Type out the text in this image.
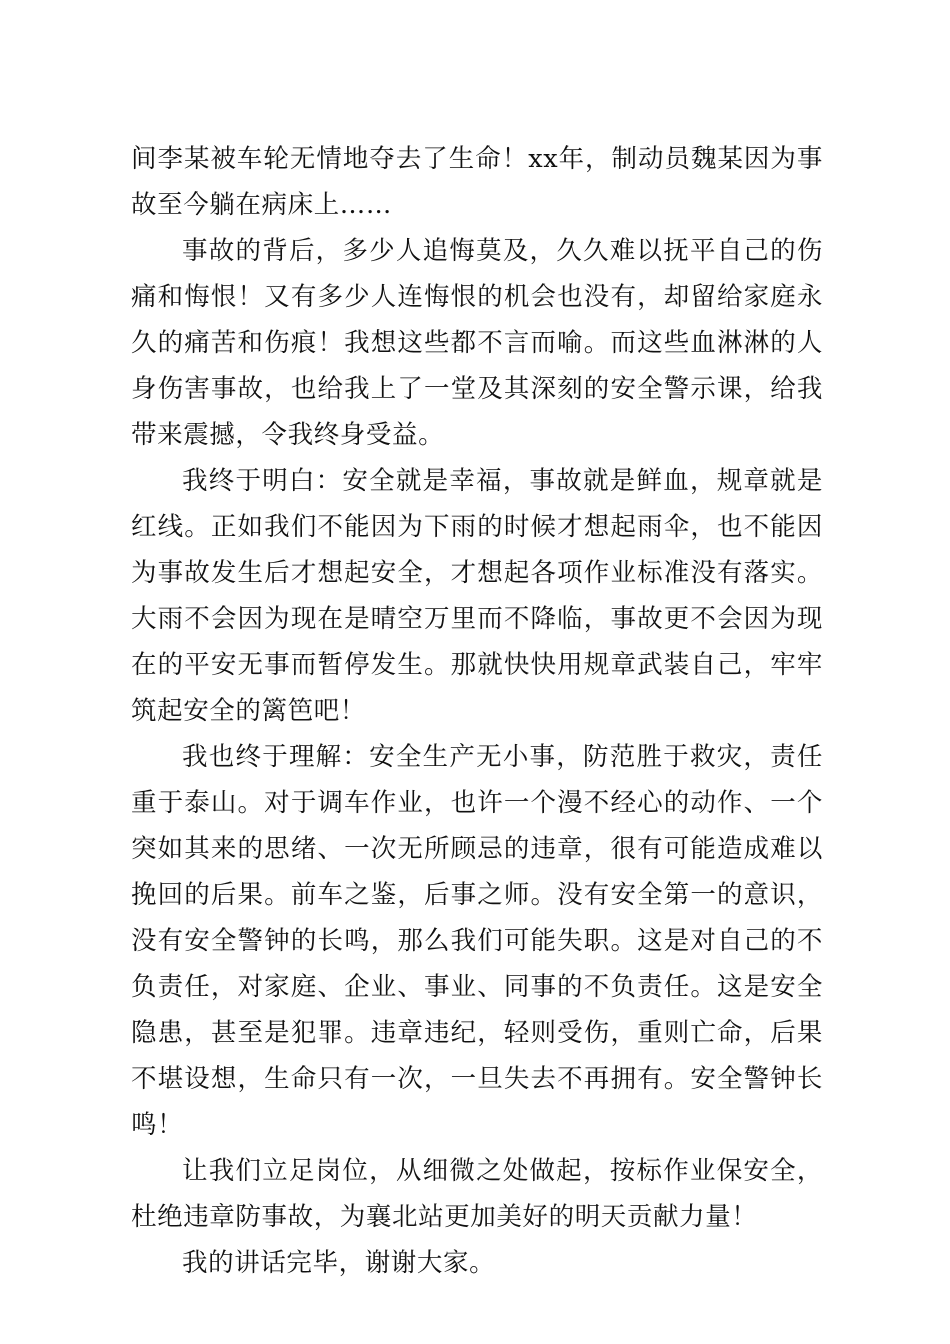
间李某被车轮无情地夺去了生命！xx年，制动员魏某因为事故至今躺在病床上……

事故的背后，多少人追悔莫及，久久难以抚平自己的伤痛和悔恨！又有多少人连悔恨的机会也没有，却留给家庭永久的痛苦和伤痕！我想这些都不言而喻。而这些血淋淋的人身伤害事故，也给我上了一堂及其深刻的安全警示课，给我带来震撼，令我终身受益。

我终于明白：安全就是幸福，事故就是鲜血，规章就是红线。正如我们不能因为下雨的时候才想起雨伞，也不能因为事故发生后才想起安全，才想起各项作业标准没有落实。大雨不会因为现在是晴空万里而不降临，事故更不会因为现在的平安无事而暂停发生。那就快快用规章武装自己，牢牢筑起安全的篱笆吧！

我也终于理解：安全生产无小事，防范胜于救灾，责任重于泰山。对于调车作业，也许一个漫不经心的动作、一个突如其来的思绪、一次无所顾忌的违章，很有可能造成难以挽回的后果。前车之鉴，后事之师。没有安全第一的意识，没有安全警钟的长鸣，那么我们可能失职。这是对自己的不负责任，对家庭、企业、事业、同事的不负责任。这是安全隐患，甚至是犯罪。违章违纪，轻则受伤，重则亡命，后果不堪设想，生命只有一次，一旦失去不再拥有。安全警钟长鸣！

让我们立足岗位，从细微之处做起，按标作业保安全，杜绝违章防事故，为襄北站更加美好的明天贡献力量！

我的讲话完毕，谢谢大家。
